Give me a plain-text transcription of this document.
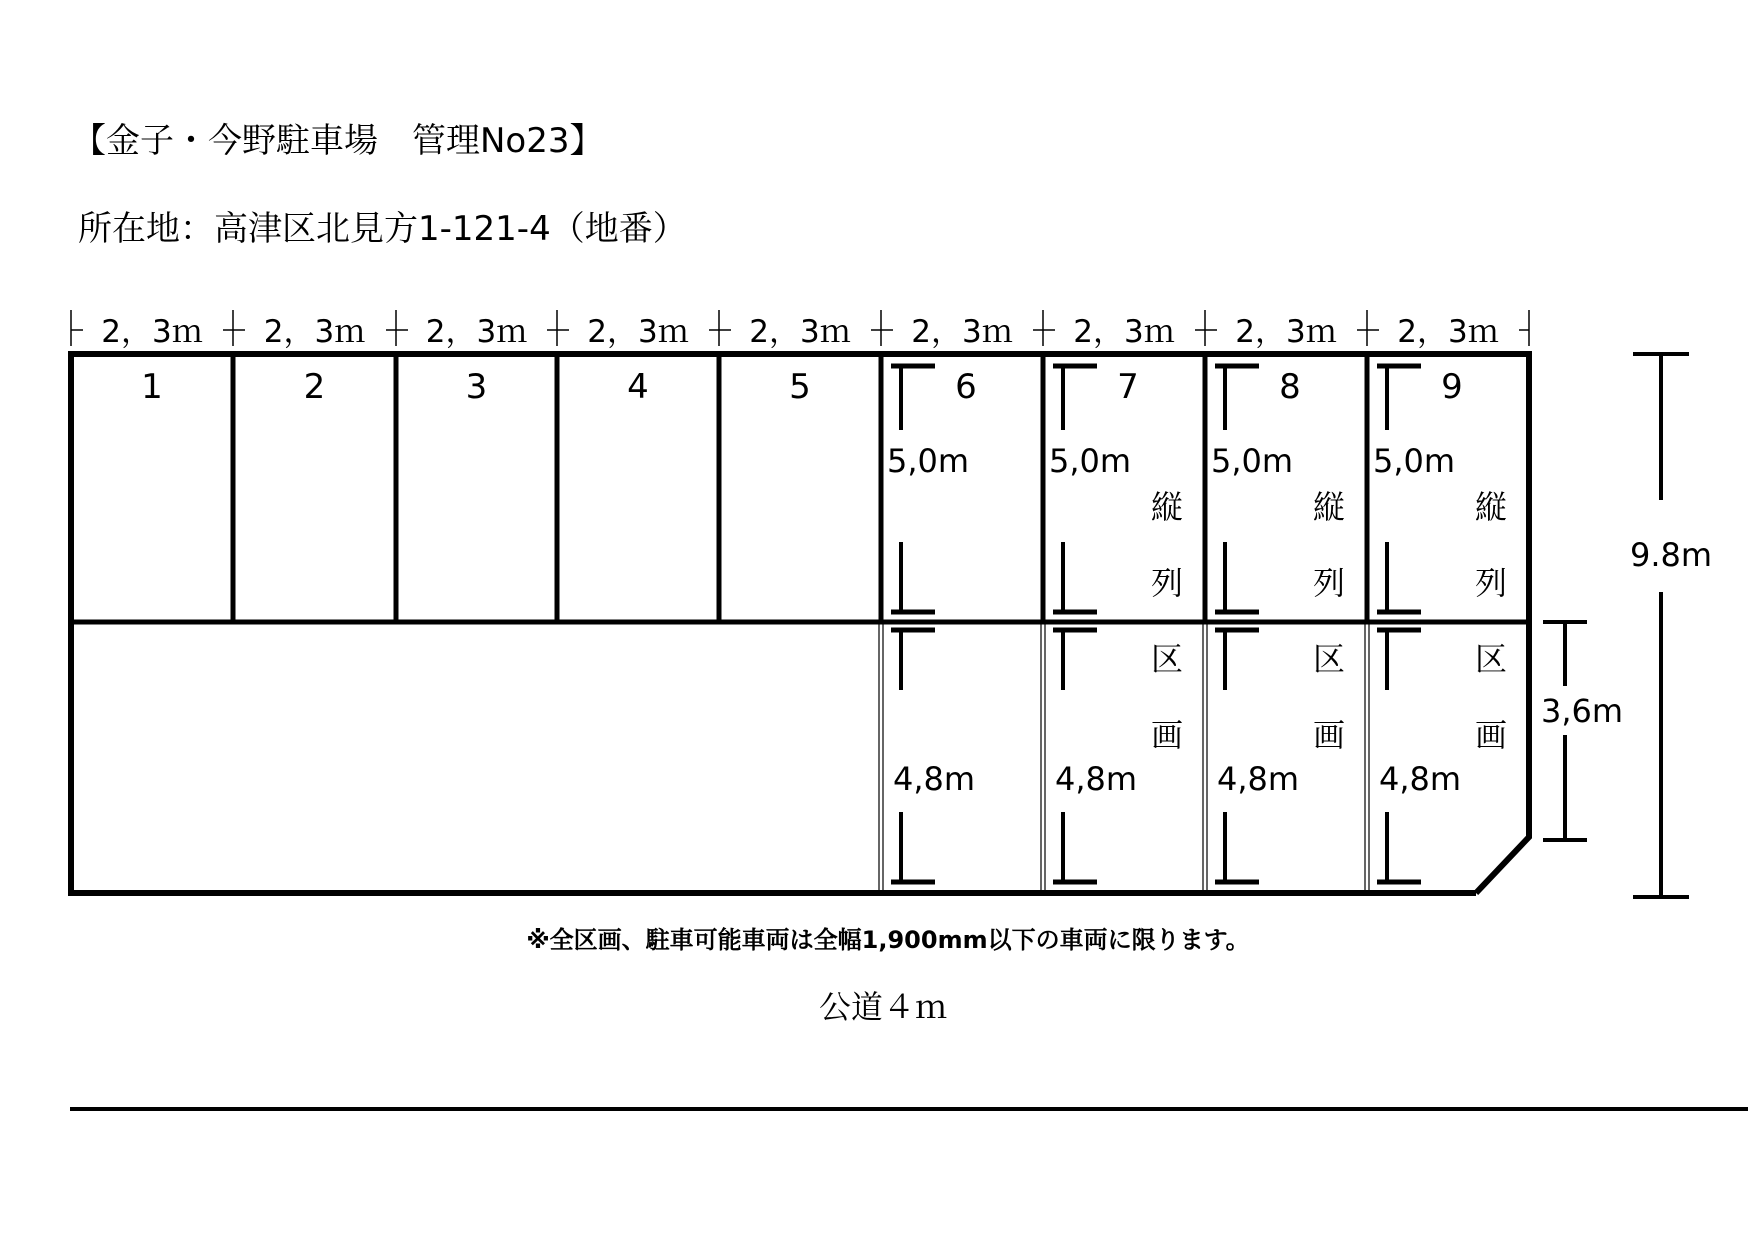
【金子・今野駐車場　管理No23】
所在地：高津区北見方1-121-4（地番）
2，3ｍ 2，3ｍ 2，3ｍ 2，3ｍ 2，3ｍ 2，3ｍ 2，3ｍ 2，3ｍ 2，3ｍ
1	2	3	4	5	6
5,0m
4,8m
7
5,0m
4,8m
縦
列
区
画
8
5,0m
4,8m
縦
列
区
画
9
5,0m
4,8m
縦
列
区
画
9.8m
3,6m
※全区画、駐車可能車両は全幅1,900mm以下の車両に限ります。
公道４ｍ
